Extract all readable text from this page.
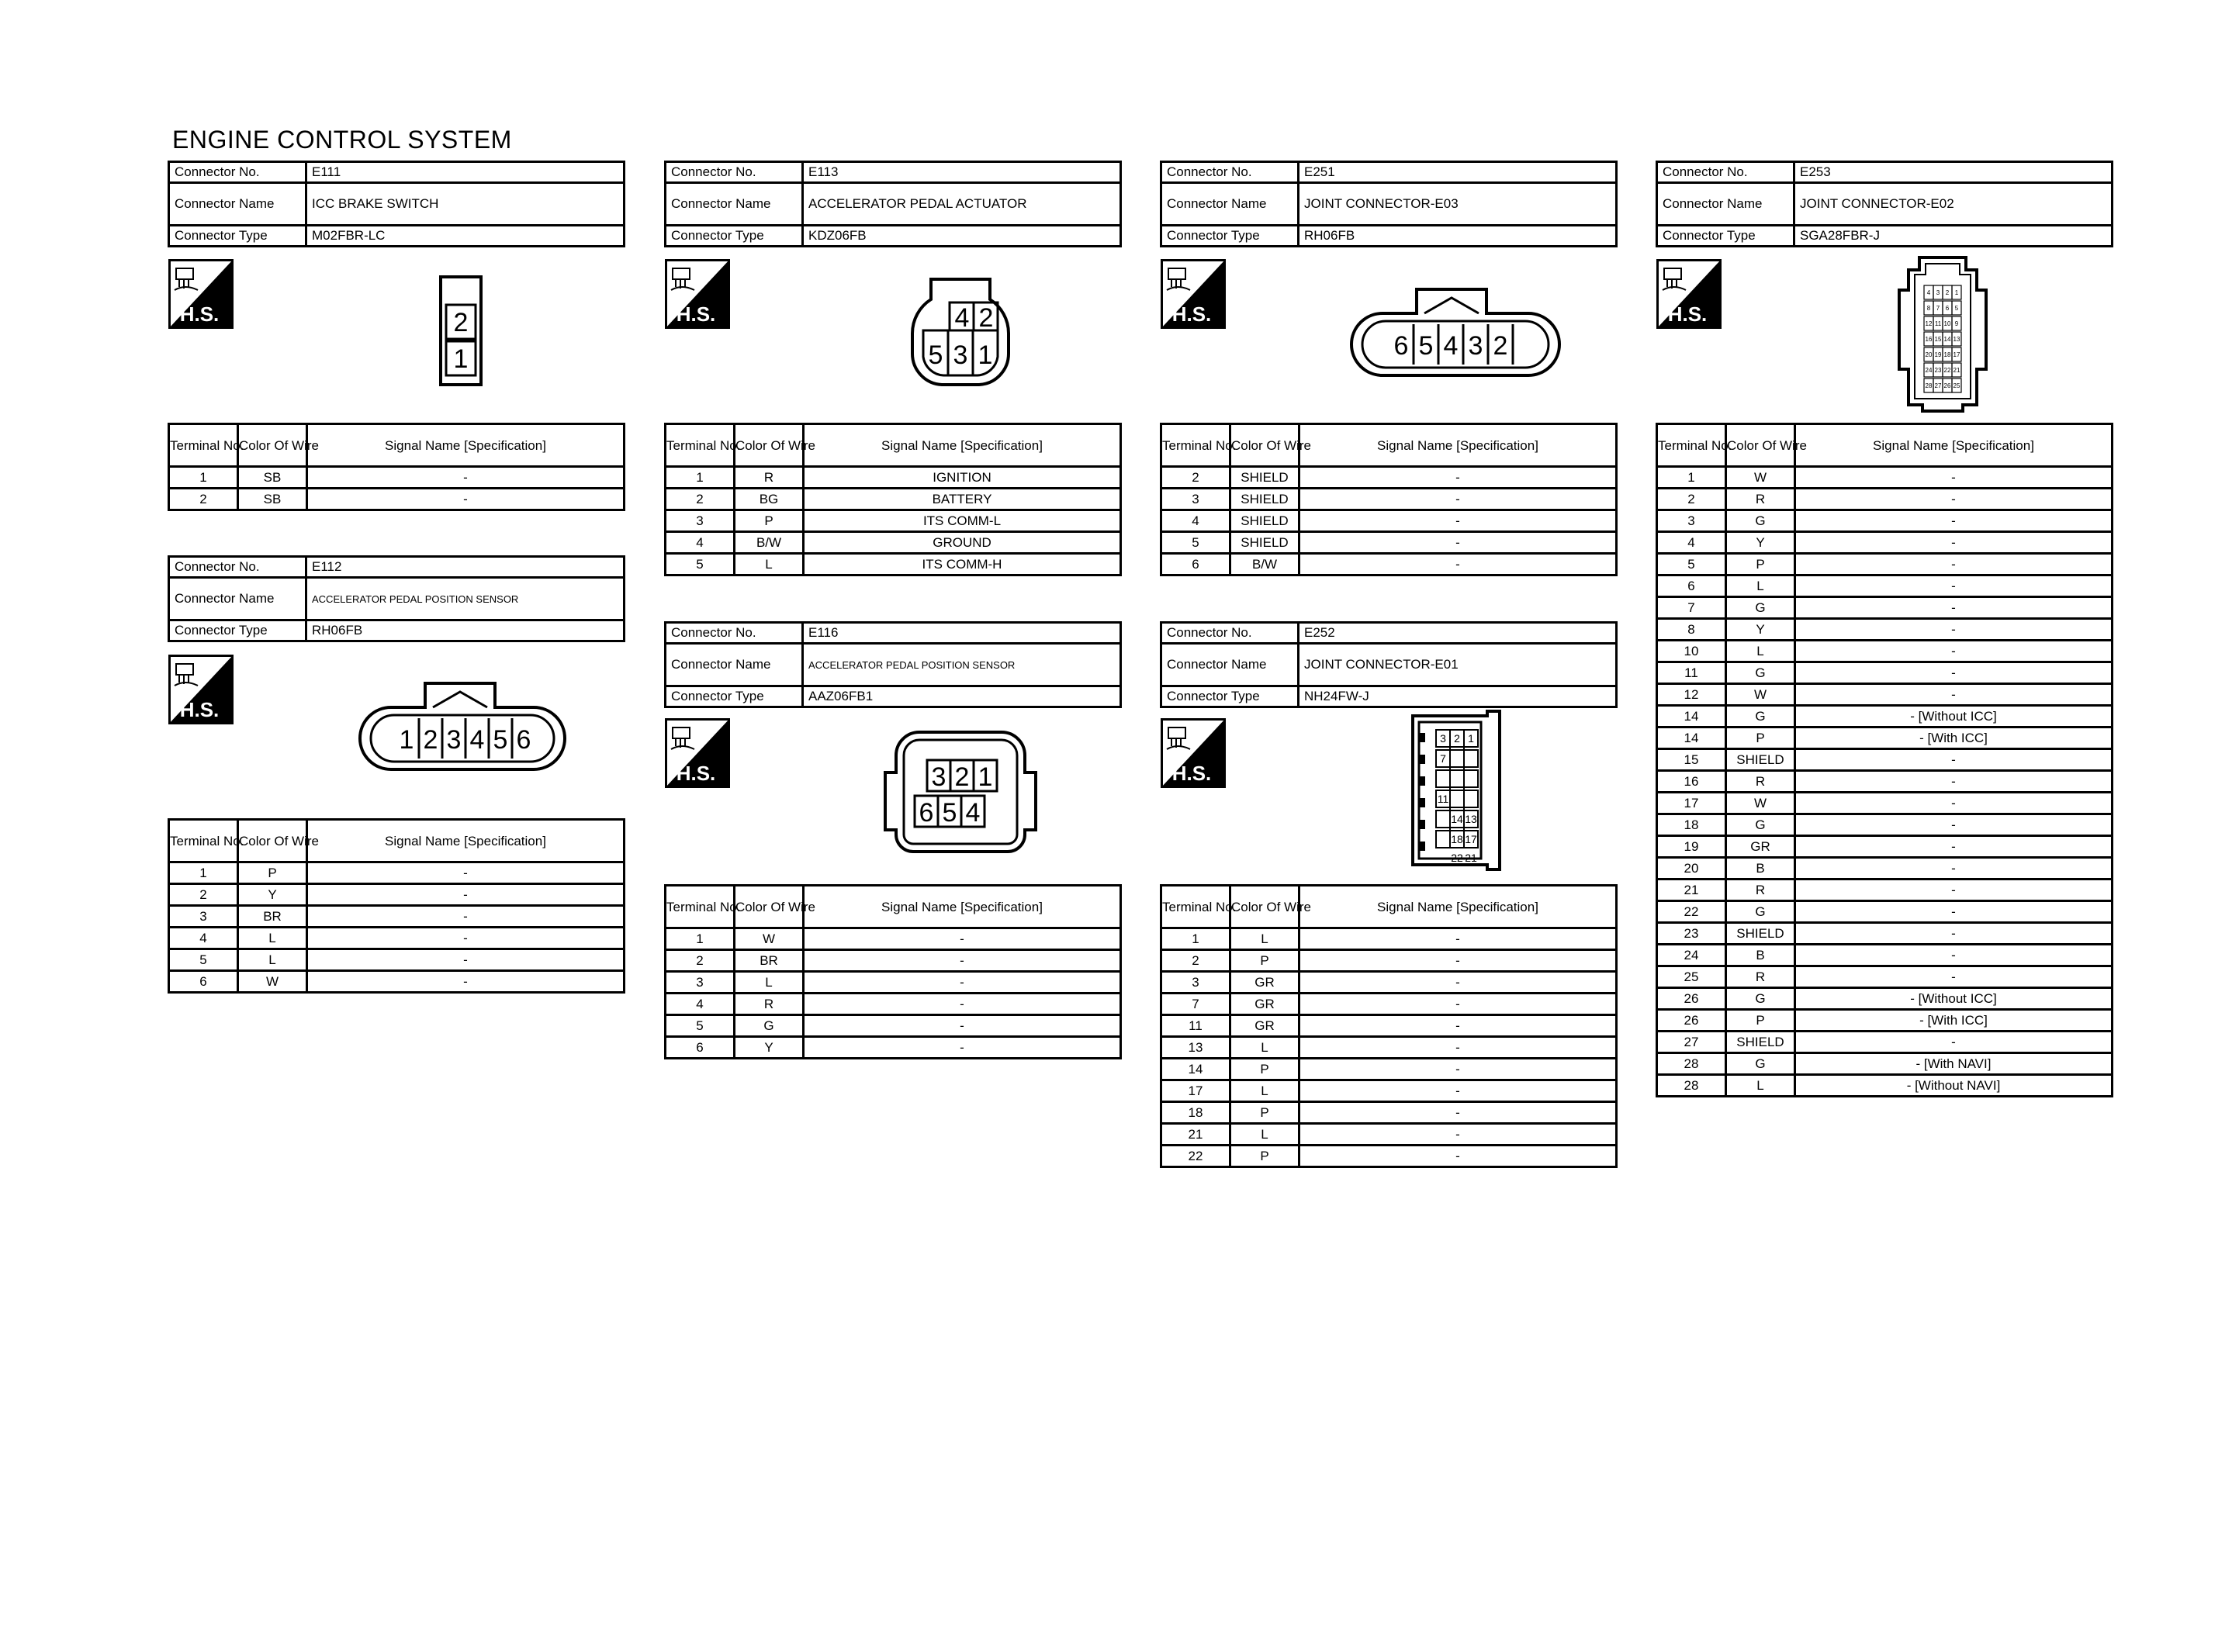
ENGINE CONTROL SYSTEM
Connector No.	E111
Connector Name	ICC BRAKE SWITCH
Connector Type	M02FBR-LC
Connector No.	E112
Connector Name	ACCELERATOR PEDAL POSITION SENSOR
Connector Type	RH06FB
Connector No.	E113
Connector Name	ACCELERATOR PEDAL ACTUATOR
Connector Type	KDZ06FB
Connector No.	E116
Connector Name	ACCELERATOR PEDAL POSITION SENSOR
Connector Type	AAZ06FB1
Connector No.	E251
Connector Name	JOINT CONNECTOR-E03
Connector Type	RH06FB
Connector No.	E252
Connector Name	JOINT CONNECTOR-E01
Connector Type	NH24FW-J
Connector No.	E253
Connector Name	JOINT CONNECTOR-E02
Connector Type	SGA28FBR-J
H.S.
H.S.
H.S.
H.S.
H.S.
H.S.
H.S.
2
1
1 2 3 4 5 6
4 2
5 3 1
3 2 1
6 5 4
6 5 4 3 2
3 2 1
7
11
14 13
18 17
22 21
4 3 2 1
8 7 6 5
12 11 10 9
16 15 14 13
20 19 18 17
24 23 22 21
28 27 26 25
Terminal No.	Color Of Wire	Signal Name [Specification]
1	SB	-
2	SB	-
Terminal No.	Color Of Wire	Signal Name [Specification]
1	P	-
2	Y	-
3	BR	-
4	L	-
5	L	-
6	W	-
Terminal No.	Color Of Wire	Signal Name [Specification]
1	R	IGNITION
2	BG	BATTERY
3	P	ITS COMM-L
4	B/W	GROUND
5	L	ITS COMM-H
Terminal No.	Color Of Wire	Signal Name [Specification]
1	W	-
2	BR	-
3	L	-
4	R	-
5	G	-
6	Y	-
Terminal No.	Color Of Wire	Signal Name [Specification]
2	SHIELD	-
3	SHIELD	-
4	SHIELD	-
5	SHIELD	-
6	B/W	-
Terminal No.	Color Of Wire	Signal Name [Specification]
1	L	-
2	P	-
3	GR	-
7	GR	-
11	GR	-
13	L	-
14	P	-
17	L	-
18	P	-
21	L	-
22	P	-
Terminal No.	Color Of Wire	Signal Name [Specification]
1	W	-
2	R	-
3	G	-
4	Y	-
5	P	-
6	L	-
7	G	-
8	Y	-
10	L	-
11	G	-
12	W	-
14	G	- [Without ICC]
14	P	- [With ICC]
15	SHIELD	-
16	R	-
17	W	-
18	G	-
19	GR	-
20	B	-
21	R	-
22	G	-
23	SHIELD	-
24	B	-
25	R	-
26	G	- [Without ICC]
26	P	- [With ICC]
27	SHIELD	-
28	G	- [With NAVI]
28	L	- [Without NAVI]
